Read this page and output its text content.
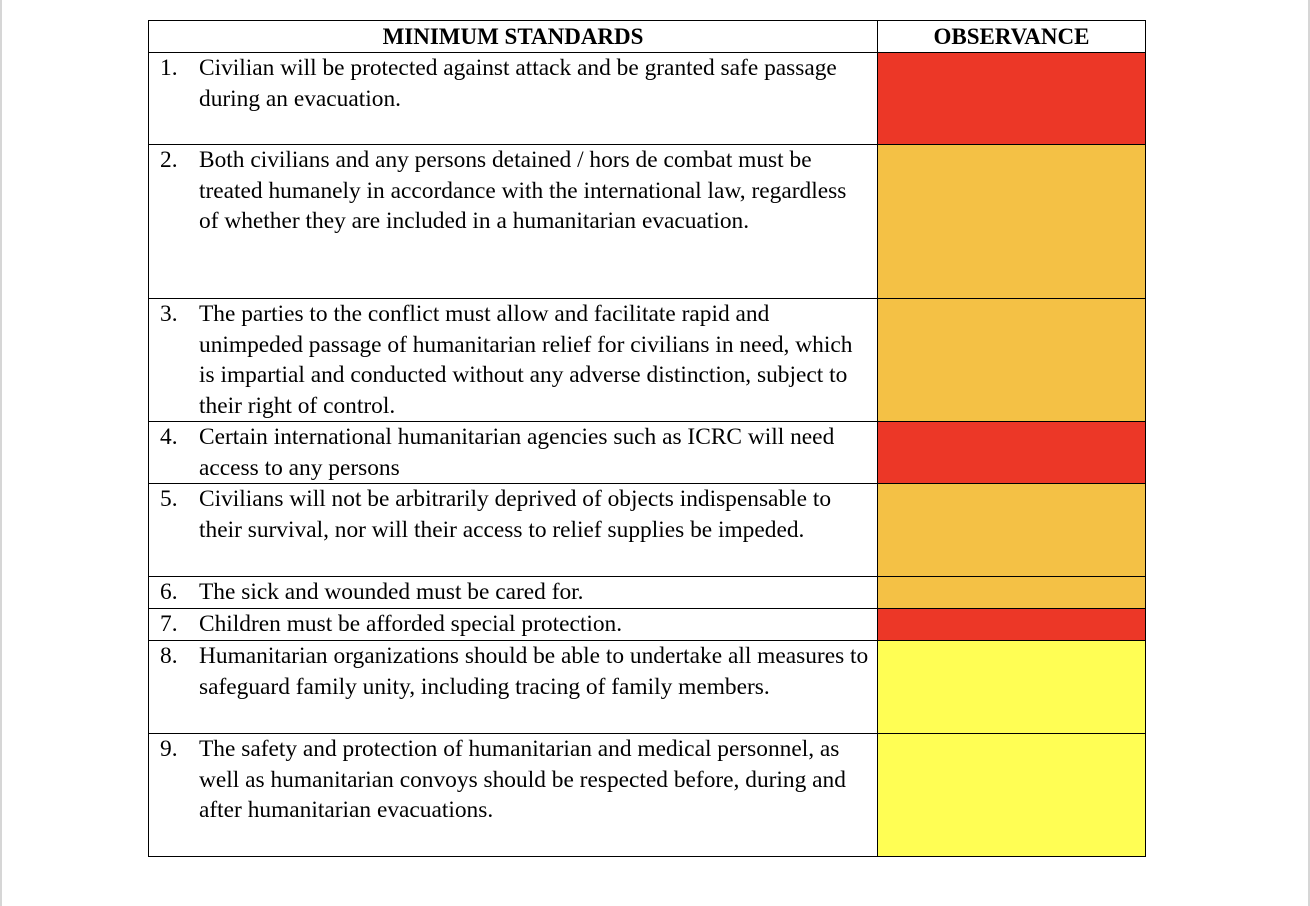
MINIMUM STANDARDS	OBSERVANCE

1. Civilian will be protected against attack and be granted safe passage during an evacuation.	

2. Both civilians and any persons detained / hors de combat must be treated humanely in accordance with the international law, regardless of whether they are included in a humanitarian evacuation.	

3. The parties to the conflict must allow and facilitate rapid and unimpeded passage of humanitarian relief for civilians in need, which is impartial and conducted without any adverse distinction, subject to their right of control.	

4. Certain international humanitarian agencies such as ICRC will need access to any persons	

5. Civilians will not be arbitrarily deprived of objects indispensable to their survival, nor will their access to relief supplies be impeded.	

6. The sick and wounded must be cared for.	

7. Children must be afforded special protection.	

8. Humanitarian organizations should be able to undertake all measures to safeguard family unity, including tracing of family members.	

9. The safety and protection of humanitarian and medical personnel, as well as humanitarian convoys should be respected before, during and after humanitarian evacuations.	
